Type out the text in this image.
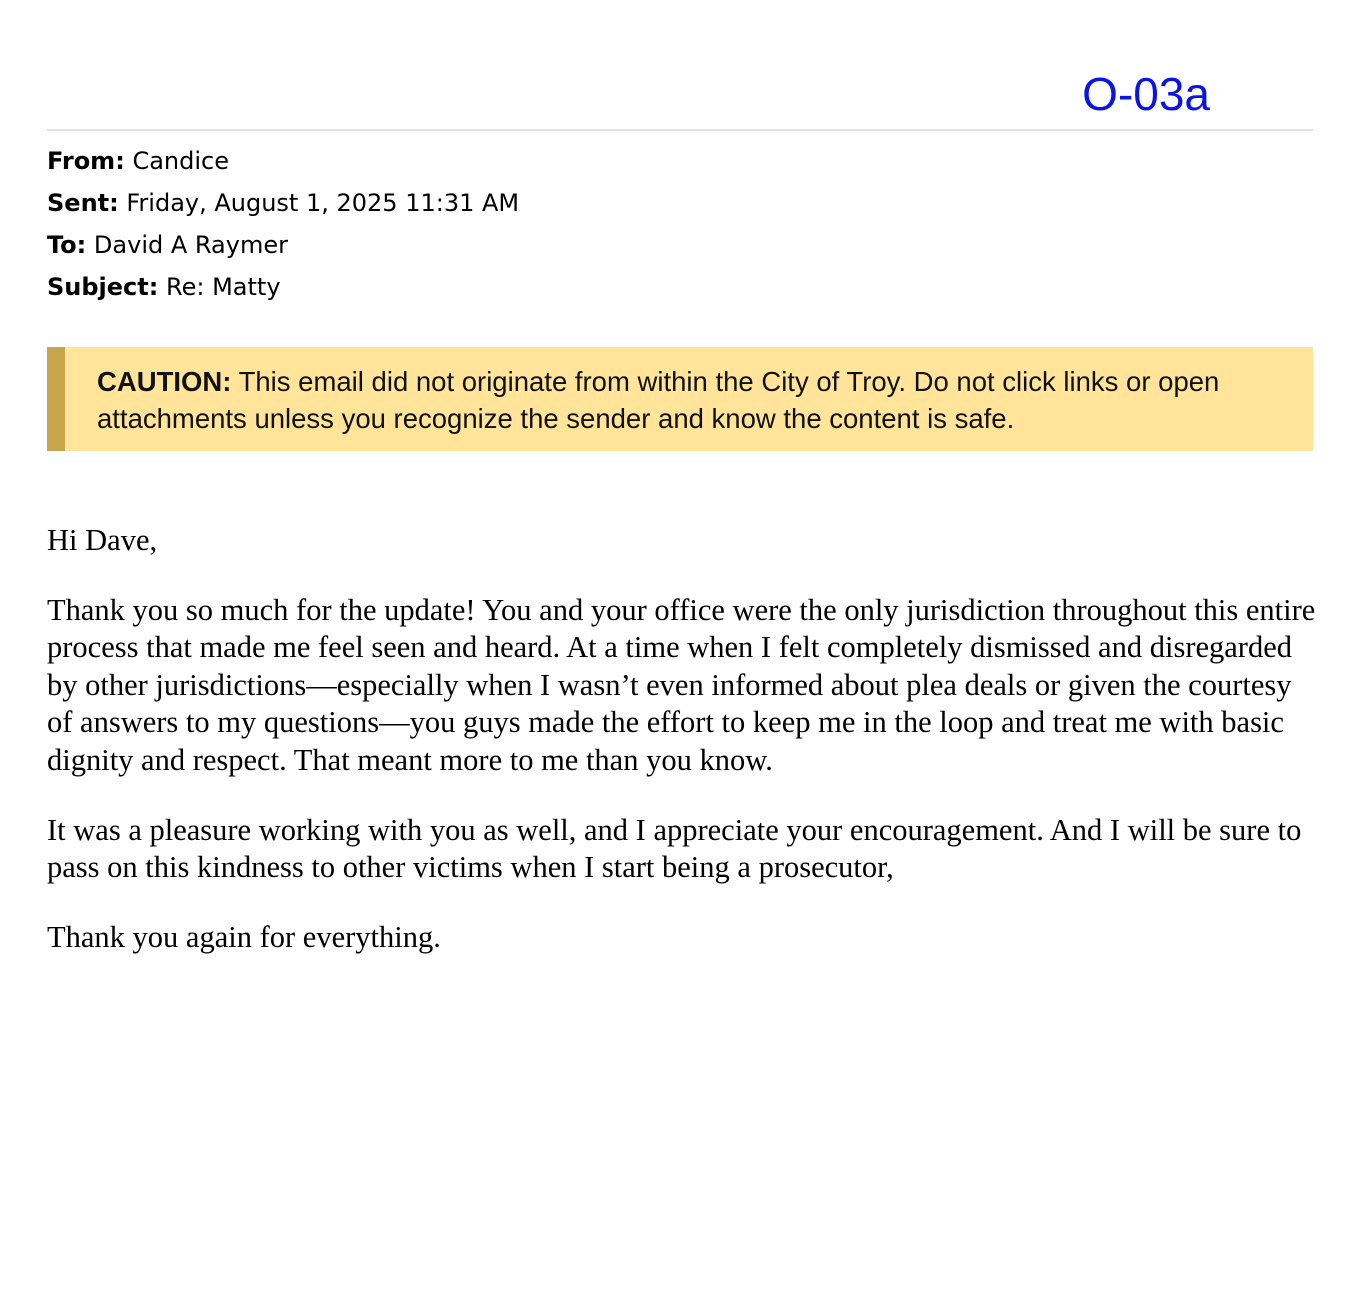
O-03a
From: Candice
Sent: Friday, August 1, 2025 11:31 AM
To: David A Raymer
Subject: Re: Matty
CAUTION: This email did not originate from within the City of Troy. Do not click links or open attachments unless you recognize the sender and know the content is safe.

Hi Dave,

Thank you so much for the update! You and your office were the only jurisdiction throughout this entire process that made me feel seen and heard. At a time when I felt completely dismissed and disregarded by other jurisdictions—especially when I wasn’t even informed about plea deals or given the courtesy of answers to my questions—you guys made the effort to keep me in the loop and treat me with basic dignity and respect. That meant more to me than you know.

It was a pleasure working with you as well, and I appreciate your encouragement. And I will be sure to pass on this kindness to other victims when I start being a prosecutor,

Thank you again for everything.
